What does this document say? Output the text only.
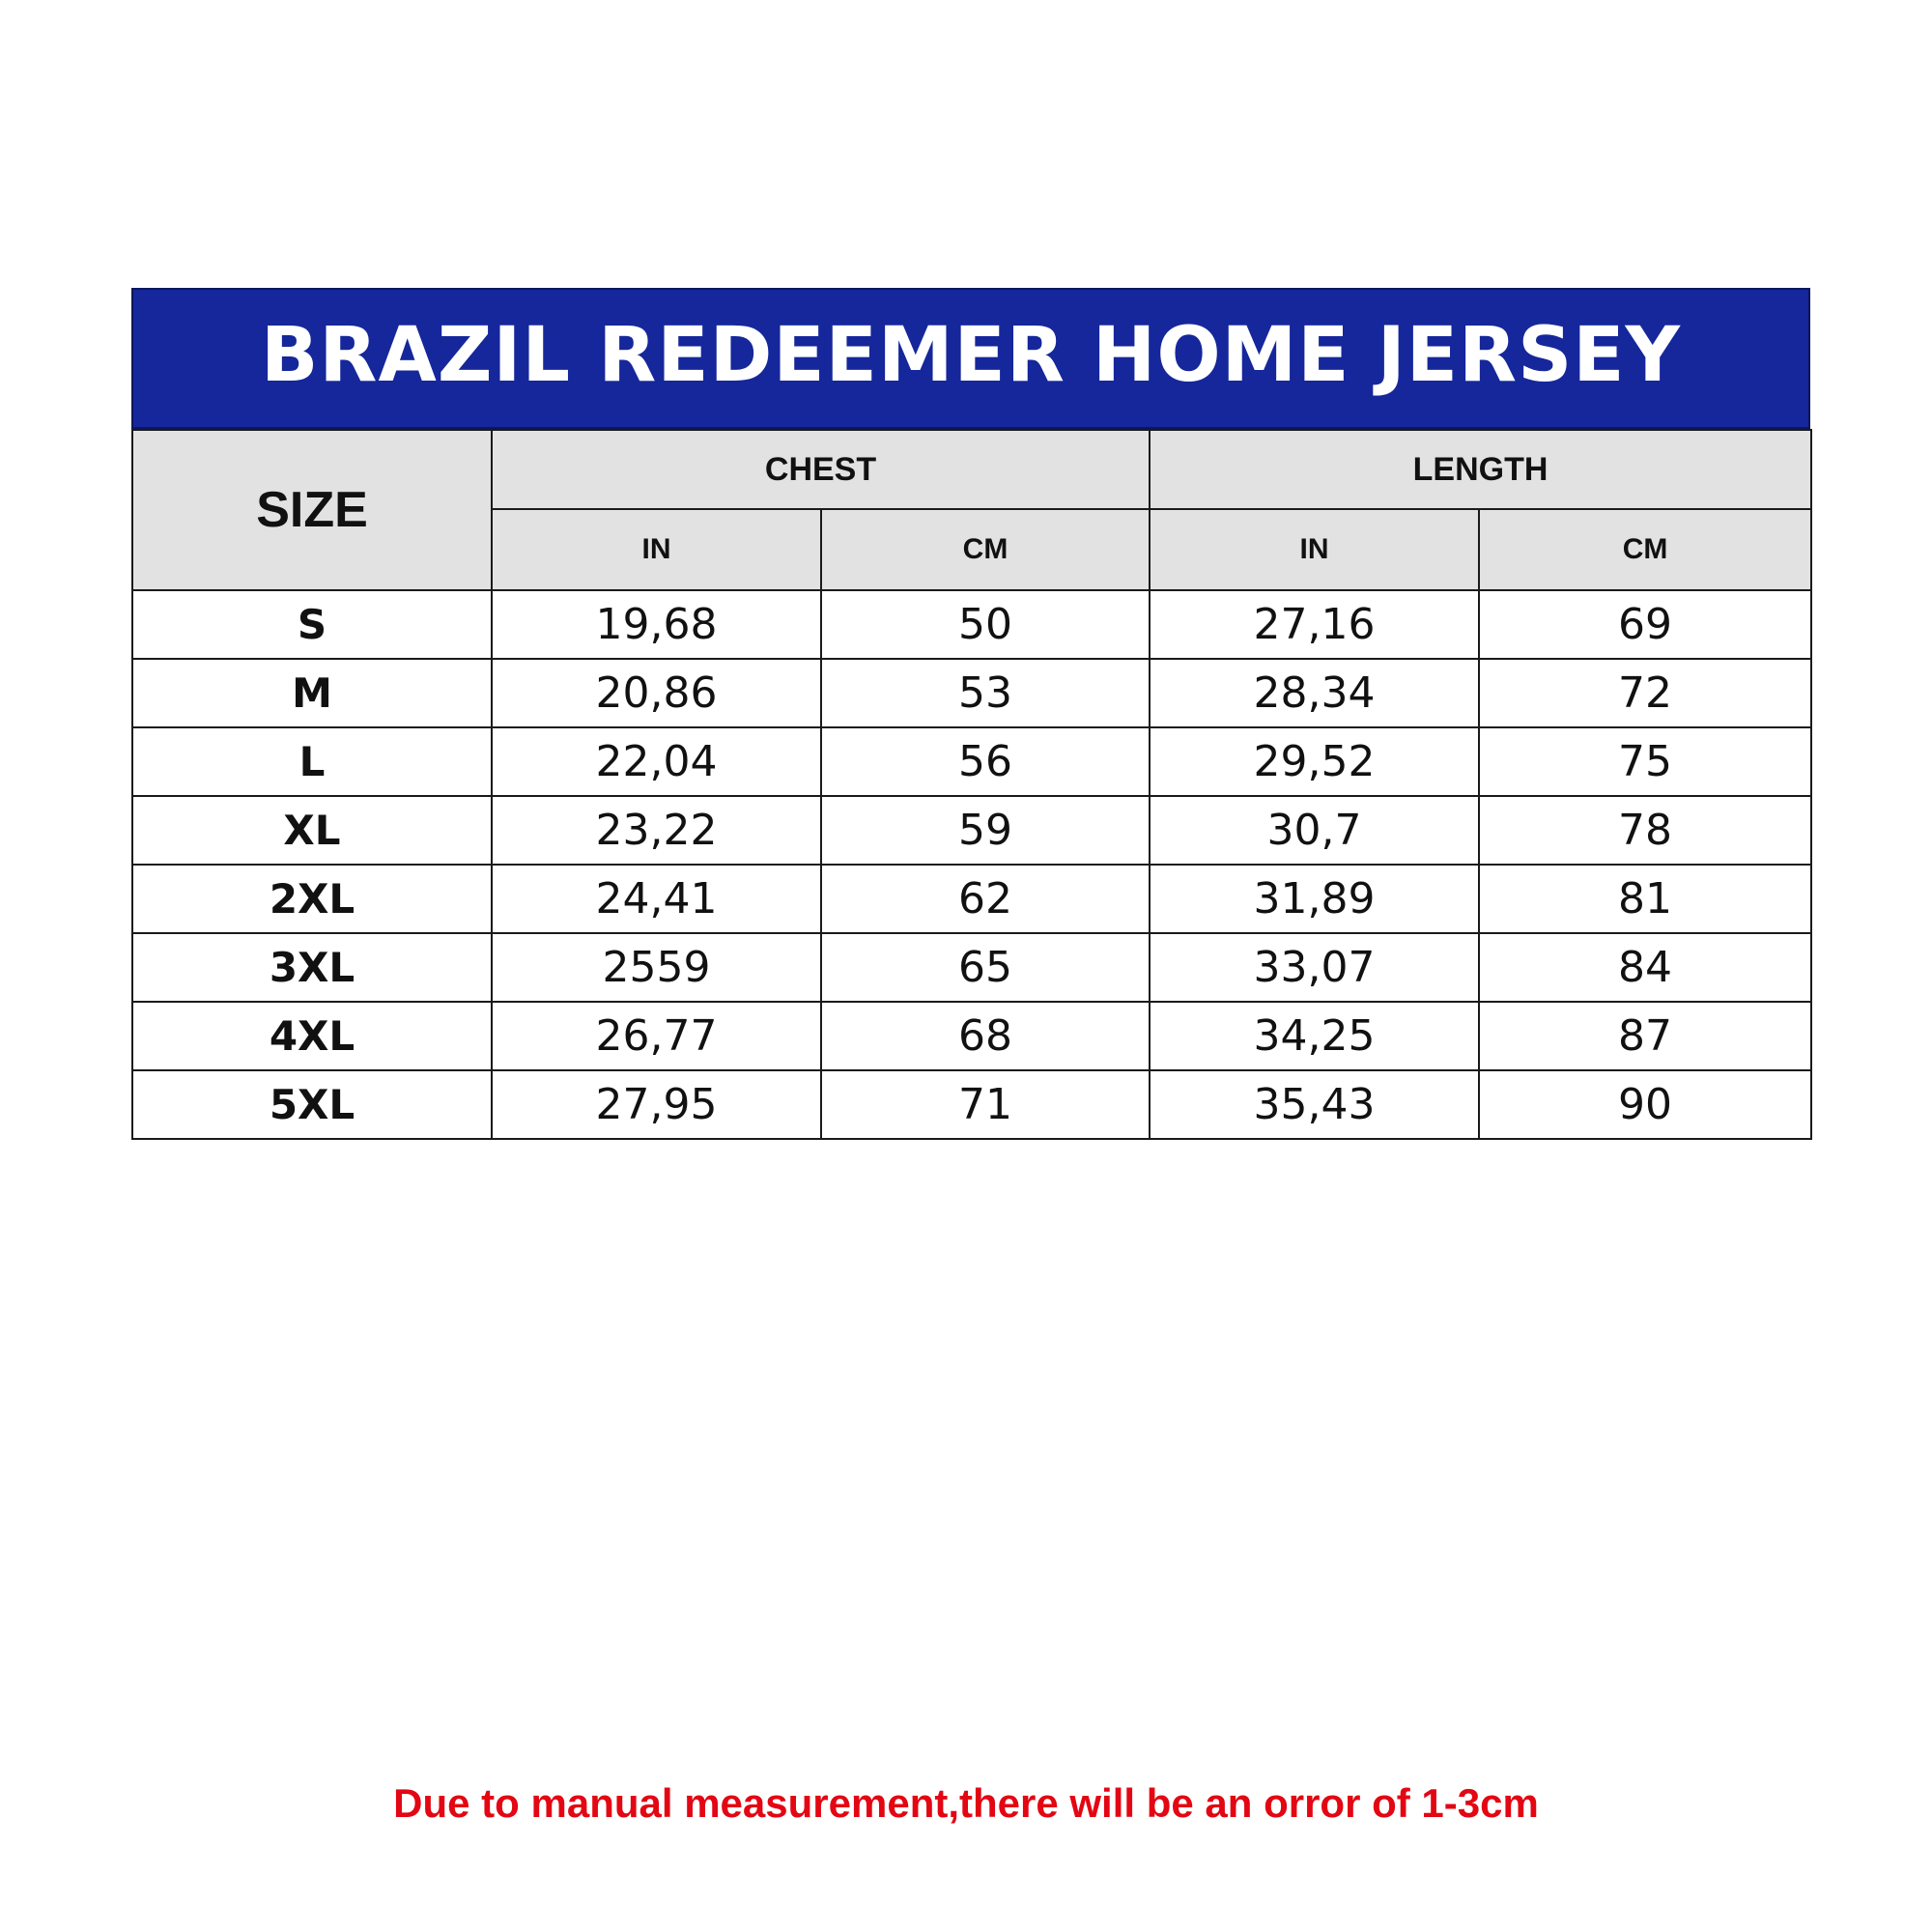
BRAZIL REDEEMER HOME JERSEY
SIZE	CHEST		LENGTH	
	IN	CM	IN	CM
S	19,68	50	27,16	69
M	20,86	53	28,34	72
L	22,04	56	29,52	75
XL	23,22	59	30,7	78
2XL	24,41	62	31,89	81
3XL	2559	65	33,07	84
4XL	26,77	68	34,25	87
5XL	27,95	71	35,43	90
Due to manual measurement,there will be an orror of 1-3cm
